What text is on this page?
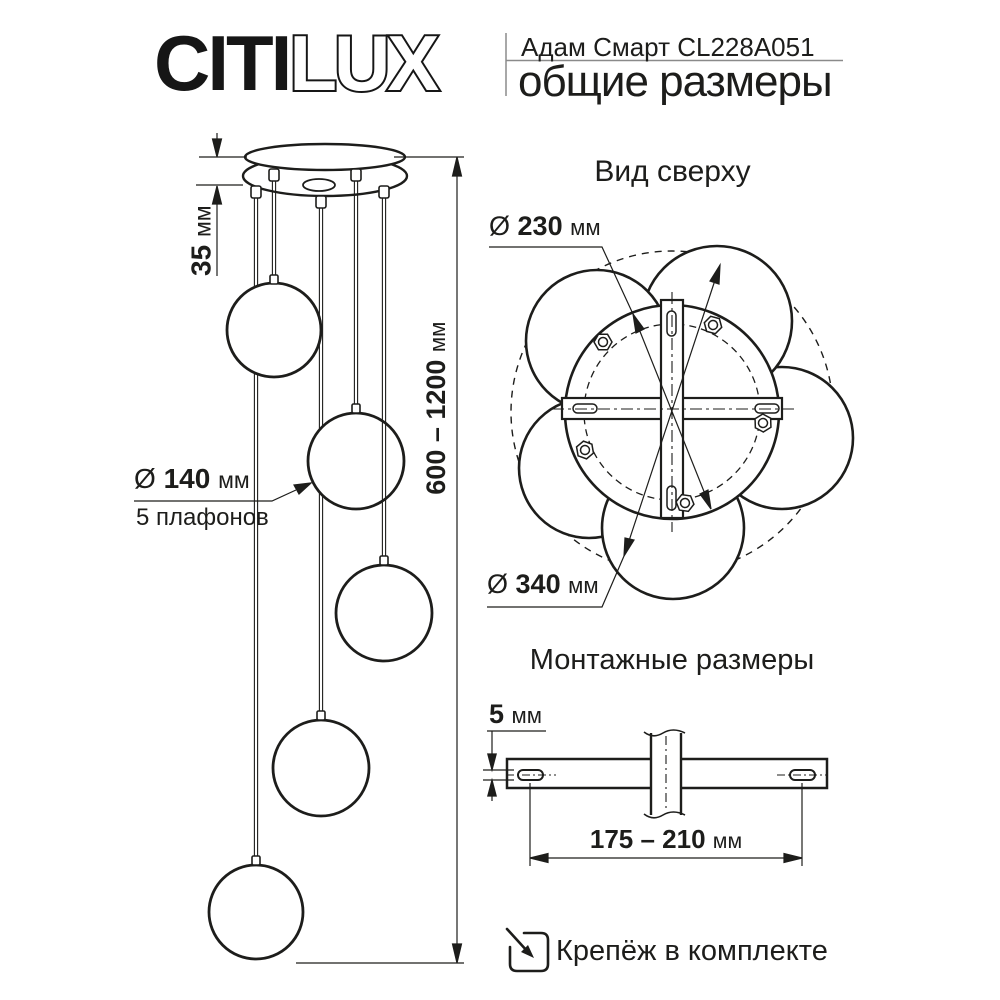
CITILUX	Адам Смарт CL228A051
общие размеры
35 мм
600 – 1200 мм
Ø 140 мм
5 плафонов
Вид сверху
Ø 230 мм
Ø 340 мм
Монтажные размеры
5 мм
175 – 210 мм
Крепёж в комплекте
